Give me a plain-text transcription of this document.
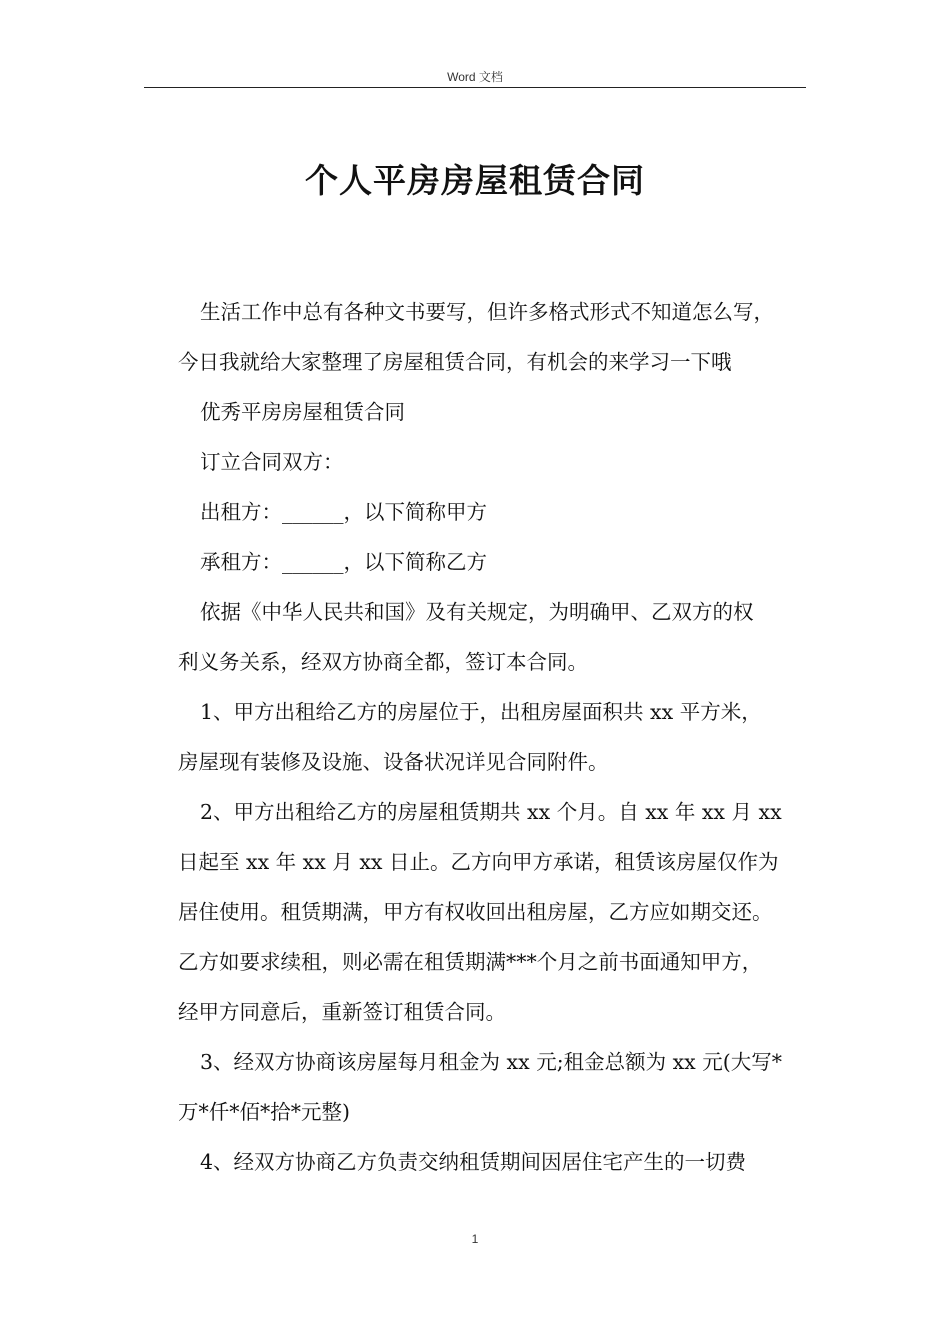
Word 文档
个人平房房屋租赁合同
生活工作中总有各种文书要写，但许多格式形式不知道怎么写，
今日我就给大家整理了房屋租赁合同，有机会的来学习一下哦
优秀平房房屋租赁合同
订立合同双方：
出租方：______，以下简称甲方
承租方：______，以下简称乙方
依据《中华人民共和国》及有关规定，为明确甲、乙双方的权
利义务关系，经双方协商全都，签订本合同。
1、甲方出租给乙方的房屋位于，出租房屋面积共 xx 平方米，
房屋现有装修及设施、设备状况详见合同附件。
2、甲方出租给乙方的房屋租赁期共 xx 个月。自 xx 年 xx 月 xx
日起至 xx 年 xx 月 xx 日止。乙方向甲方承诺，租赁该房屋仅作为
居住使用。租赁期满，甲方有权收回出租房屋，乙方应如期交还。
乙方如要求续租，则必需在租赁期满***个月之前书面通知甲方，
经甲方同意后，重新签订租赁合同。
3、经双方协商该房屋每月租金为 xx 元;租金总额为 xx 元(大写*
万*仟*佰*拾*元整)
4、经双方协商乙方负责交纳租赁期间因居住宅产生的一切费
1
